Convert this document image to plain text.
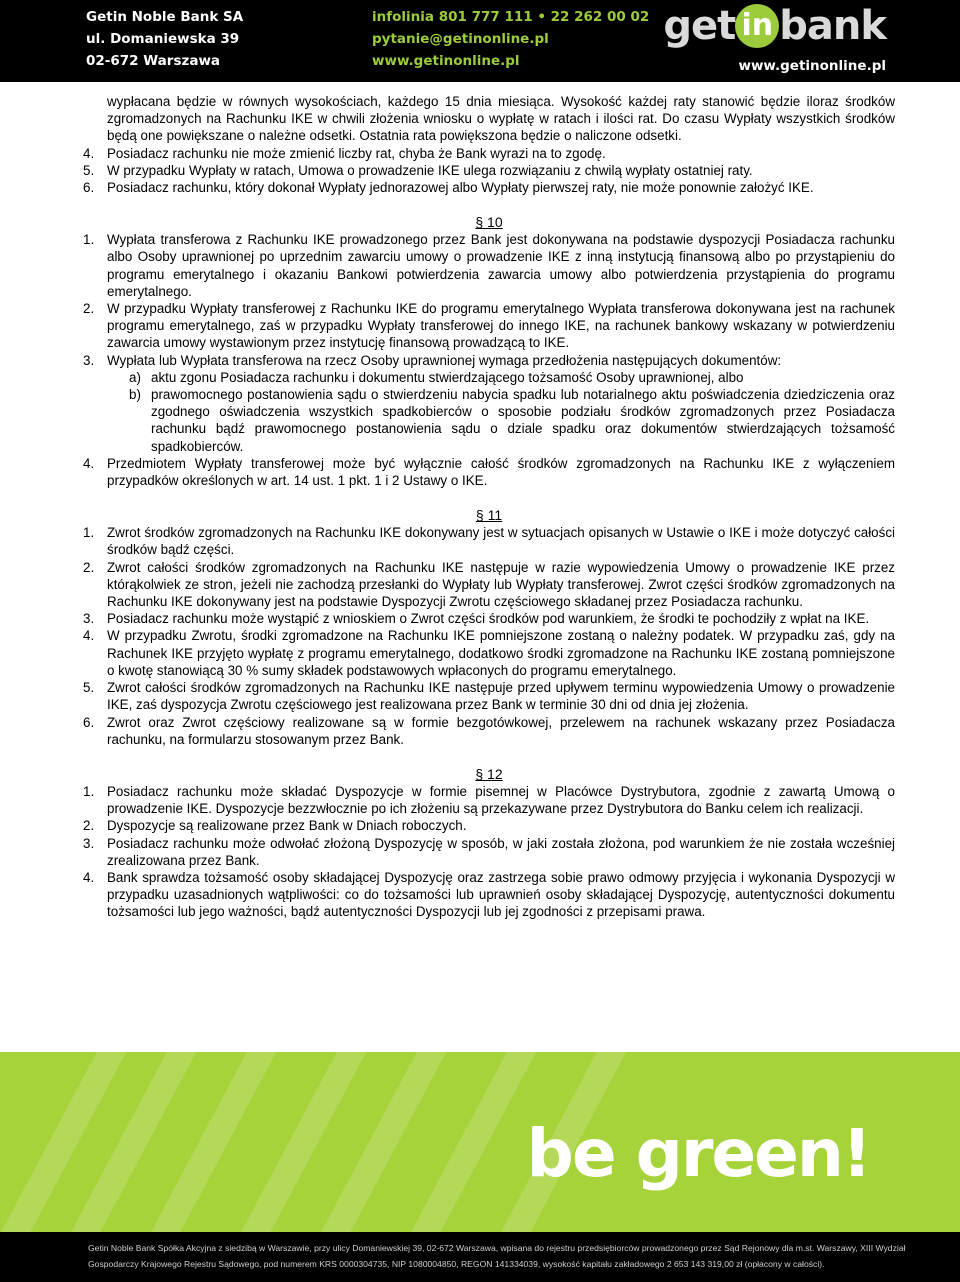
Getin Noble Bank SA
ul. Domaniewska 39
02-672 Warszawa
infolinia 801 777 111 • 22 262 00 02
pytanie@getinonline.pl
www.getinonline.pl
get in bank
www.getinonline.pl

wypłacana będzie w równych wysokościach, każdego 15 dnia miesiąca. Wysokość każdej raty stanowić będzie iloraz środków zgromadzonych na Rachunku IKE w chwili złożenia wniosku o wypłatę w ratach i ilości rat. Do czasu Wypłaty wszystkich środków będą one powiększane o należne odsetki. Ostatnia rata powiększona będzie o naliczone odsetki.

4. Posiadacz rachunku nie może zmienić liczby rat, chyba że Bank wyrazi na to zgodę.
5. W przypadku Wypłaty w ratach, Umowa o prowadzenie IKE ulega rozwiązaniu z chwilą wypłaty ostatniej raty.
6. Posiadacz rachunku, który dokonał Wypłaty jednorazowej albo Wypłaty pierwszej raty, nie może ponownie założyć IKE.
§ 10
1. Wypłata transferowa z Rachunku IKE prowadzonego przez Bank jest dokonywana na podstawie dyspozycji Posiadacza rachunku albo Osoby uprawnionej po uprzednim zawarciu umowy o prowadzenie IKE z inną instytucją finansową albo po przystąpieniu do programu emerytalnego i okazaniu Bankowi potwierdzenia zawarcia umowy albo potwierdzenia przystąpienia do programu emerytalnego.
2. W przypadku Wypłaty transferowej z Rachunku IKE do programu emerytalnego Wypłata transferowa dokonywana jest na rachunek programu emerytalnego, zaś w przypadku Wypłaty transferowej do innego IKE, na rachunek bankowy wskazany w potwierdzeniu zawarcia umowy wystawionym przez instytucję finansową prowadzącą to IKE.
3. Wypłata lub Wypłata transferowa na rzecz Osoby uprawnionej wymaga przedłożenia następujących dokumentów:
a) aktu zgonu Posiadacza rachunku i dokumentu stwierdzającego tożsamość Osoby uprawnionej, albo
b) prawomocnego postanowienia sądu o stwierdzeniu nabycia spadku lub notarialnego aktu poświadczenia dziedziczenia oraz zgodnego oświadczenia wszystkich spadkobierców o sposobie podziału środków zgromadzonych przez Posiadacza rachunku bądź prawomocnego postanowienia sądu o dziale spadku oraz dokumentów stwierdzających tożsamość spadkobierców.
4. Przedmiotem Wypłaty transferowej może być wyłącznie całość środków zgromadzonych na Rachunku IKE z wyłączeniem przypadków określonych w art. 14 ust. 1 pkt. 1 i 2 Ustawy o IKE.
§ 11
1. Zwrot środków zgromadzonych na Rachunku IKE dokonywany jest w sytuacjach opisanych w Ustawie o IKE i może dotyczyć całości środków bądź części.
2. Zwrot całości środków zgromadzonych na Rachunku IKE następuje w razie wypowiedzenia Umowy o prowadzenie IKE przez którąkolwiek ze stron, jeżeli nie zachodzą przesłanki do Wypłaty lub Wypłaty transferowej. Zwrot części środków zgromadzonych na Rachunku IKE dokonywany jest na podstawie Dyspozycji Zwrotu częściowego składanej przez Posiadacza rachunku.
3. Posiadacz rachunku może wystąpić z wnioskiem o Zwrot części środków pod warunkiem, że środki te pochodziły z wpłat na IKE.
4. W przypadku Zwrotu, środki zgromadzone na Rachunku IKE pomniejszone zostaną o należny podatek. W przypadku zaś, gdy na Rachunek IKE przyjęto wypłatę z programu emerytalnego, dodatkowo środki zgromadzone na Rachunku IKE zostaną pomniejszone o kwotę stanowiącą 30 % sumy składek podstawowych wpłaconych do programu emerytalnego.
5. Zwrot całości środków zgromadzonych na Rachunku IKE następuje przed upływem terminu wypowiedzenia Umowy o prowadzenie IKE, zaś dyspozycja Zwrotu częściowego jest realizowana przez Bank w terminie 30 dni od dnia jej złożenia.
6. Zwrot oraz Zwrot częściowy realizowane są w formie bezgotówkowej, przelewem na rachunek wskazany przez Posiadacza rachunku, na formularzu stosowanym przez Bank.
§ 12
1. Posiadacz rachunku może składać Dyspozycje w formie pisemnej w Placówce Dystrybutora, zgodnie z zawartą Umową o prowadzenie IKE. Dyspozycje bezzwłocznie po ich złożeniu są przekazywane przez Dystrybutora do Banku celem ich realizacji.
2. Dyspozycje są realizowane przez Bank w Dniach roboczych.
3. Posiadacz rachunku może odwołać złożoną Dyspozycję w sposób, w jaki została złożona, pod warunkiem że nie została wcześniej zrealizowana przez Bank.
4. Bank sprawdza tożsamość osoby składającej Dyspozycję oraz zastrzega sobie prawo odmowy przyjęcia i wykonania Dyspozycji w przypadku uzasadnionych wątpliwości: co do tożsamości lub uprawnień osoby składającej Dyspozycję, autentyczności dokumentu tożsamości lub jego ważności, bądź autentyczności Dyspozycji lub jej zgodności z przepisami prawa.
be green!
Getin Noble Bank Spółka Akcyjna z siedzibą w Warszawie, przy ulicy Domaniewskiej 39, 02-672 Warszawa, wpisana do rejestru przedsiębiorców prowadzonego przez Sąd Rejonowy dla m.st. Warszawy, XIII Wydział
Gospodarczy Krajowego Rejestru Sądowego, pod numerem KRS 0000304735, NIP 1080004850, REGON 141334039, wysokość kapitału zakładowego 2 653 143 319,00 zł (opłacony w całości).
